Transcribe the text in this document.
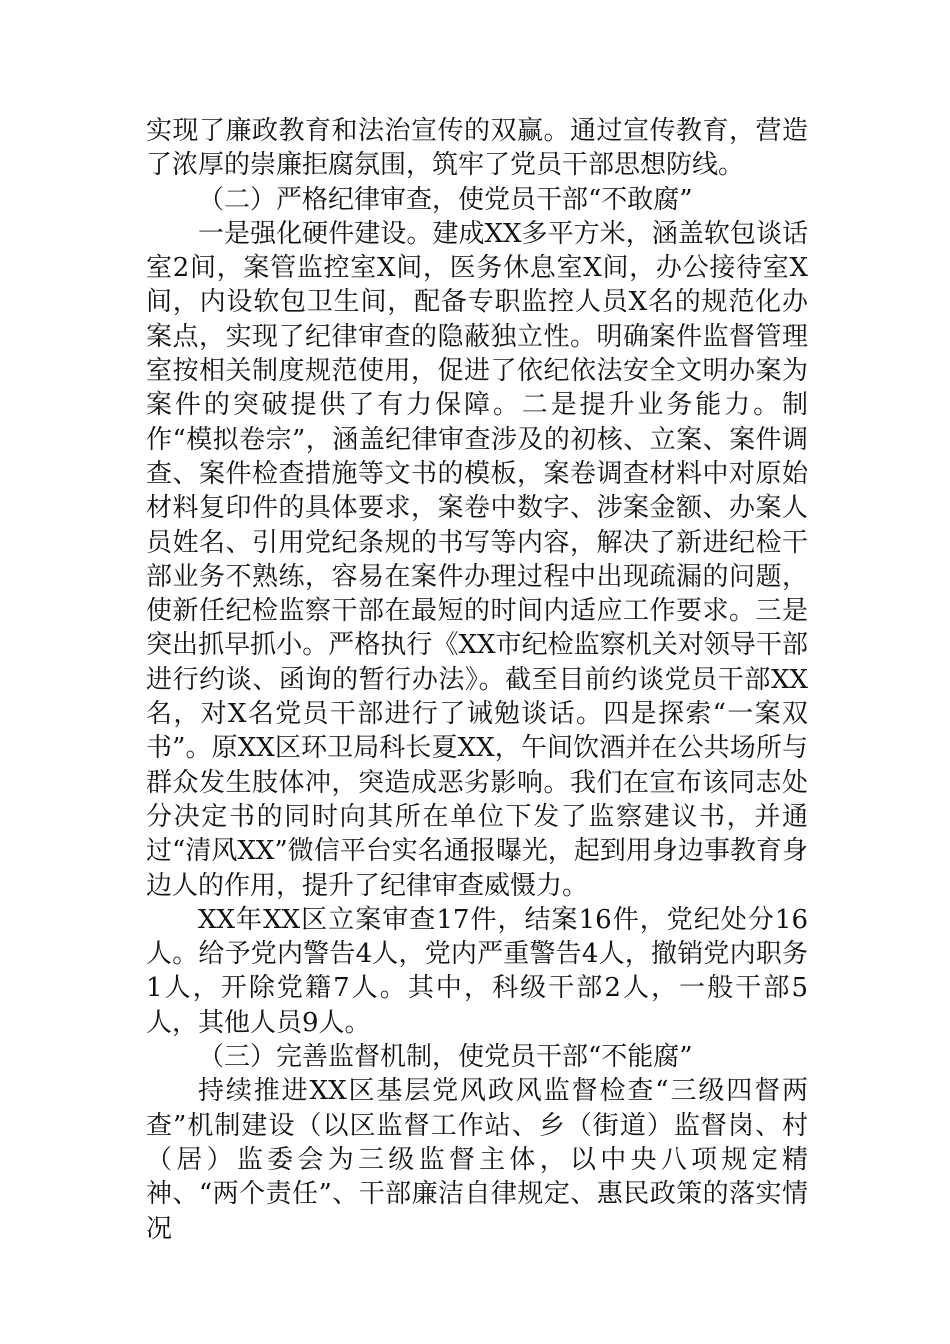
实现了廉政教育和法治宣传的双赢。通过宣传教育，营造了浓厚的崇廉拒腐氛围，筑牢了党员干部思想防线。

（二）严格纪律审查，使党员干部“不敢腐”

一是强化硬件建设。建成XX多平方米，涵盖软包谈话室2间，案管监控室X间，医务休息室X间，办公接待室X间，内设软包卫生间，配备专职监控人员X名的规范化办案点，实现了纪律审查的隐蔽独立性。明确案件监督管理室按相关制度规范使用，促进了依纪依法安全文明办案为案件的突破提供了有力保障。二是提升业务能力。制作“模拟卷宗”，涵盖纪律审查涉及的初核、立案、案件调查、案件检查措施等文书的模板，案卷调查材料中对原始材料复印件的具体要求，案卷中数字、涉案金额、办案人员姓名、引用党纪条规的书写等内容，解决了新进纪检干部业务不熟练，容易在案件办理过程中出现疏漏的问题，使新任纪检监察干部在最短的时间内适应工作要求。三是突出抓早抓小。严格执行《XX市纪检监察机关对领导干部进行约谈、函询的暂行办法》。截至目前约谈党员干部XX名，对X名党员干部进行了诫勉谈话。四是探索“一案双书”。原XX区环卫局科长夏XX，午间饮酒并在公共场所与群众发生肢体冲，突造成恶劣影响。我们在宣布该同志处分决定书的同时向其所在单位下发了监察建议书，并通过“清风XX”微信平台实名通报曝光，起到用身边事教育身边人的作用，提升了纪律审查威慑力。

XX年XX区立案审查17件，结案16件，党纪处分16人。给予党内警告4人，党内严重警告4人，撤销党内职务1人，开除党籍7人。其中，科级干部2人，一般干部5人，其他人员9人。

（三）完善监督机制，使党员干部“不能腐”

持续推进XX区基层党风政风监督检查“三级四督两查”机制建设（以区监督工作站、乡（街道）监督岗、村（居）监委会为三级监督主体，以中央八项规定精神、“两个责任”、干部廉洁自律规定、惠民政策的落实情况
